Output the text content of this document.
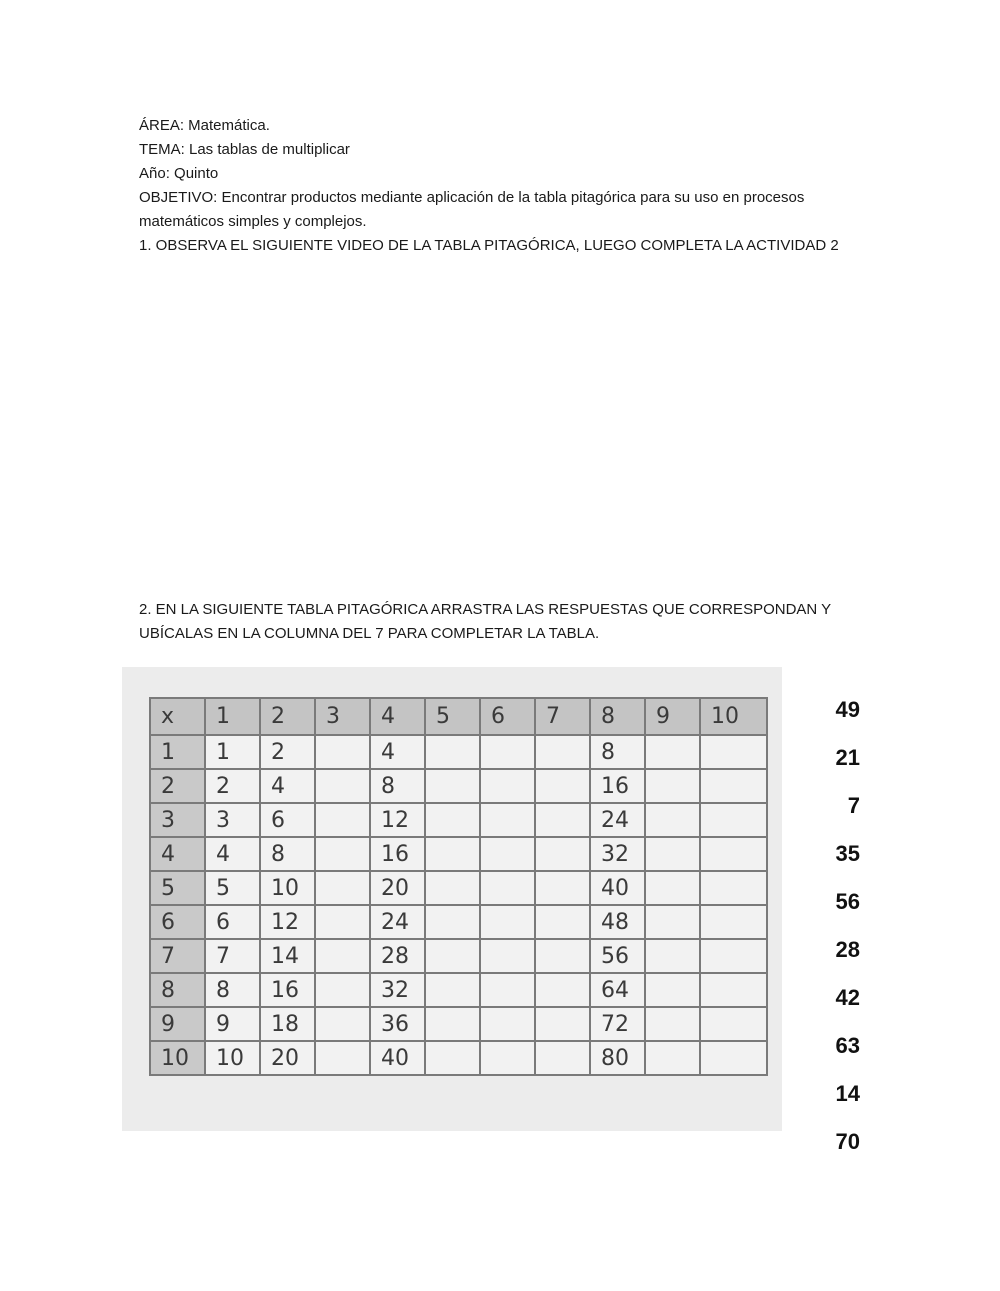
ÁREA: Matemática.

TEMA: Las tablas de multiplicar

Año: Quinto

OBJETIVO: Encontrar productos mediante aplicación de la tabla pitagórica para su uso en procesos matemáticos simples y complejos.

1. OBSERVA EL SIGUIENTE VIDEO DE LA TABLA PITAGÓRICA, LUEGO COMPLETA LA ACTIVIDAD 2

2. EN LA SIGUIENTE TABLA PITAGÓRICA ARRASTRA LAS RESPUESTAS QUE CORRESPONDAN Y UBÍCALAS EN LA COLUMNA DEL 7 PARA COMPLETAR LA TABLA.

x	1	2	3	4	5	6	7	8	9	10
1	1	2		4				8		
2	2	4		8				16		
3	3	6		12				24		
4	4	8		16				32		
5	5	10		20				40		
6	6	12		24				48		
7	7	14		28				56		
8	8	16		32				64		
9	9	18		36				72		
10	10	20		40				80		
49
21
7
35
56
28
42
63
14
70
